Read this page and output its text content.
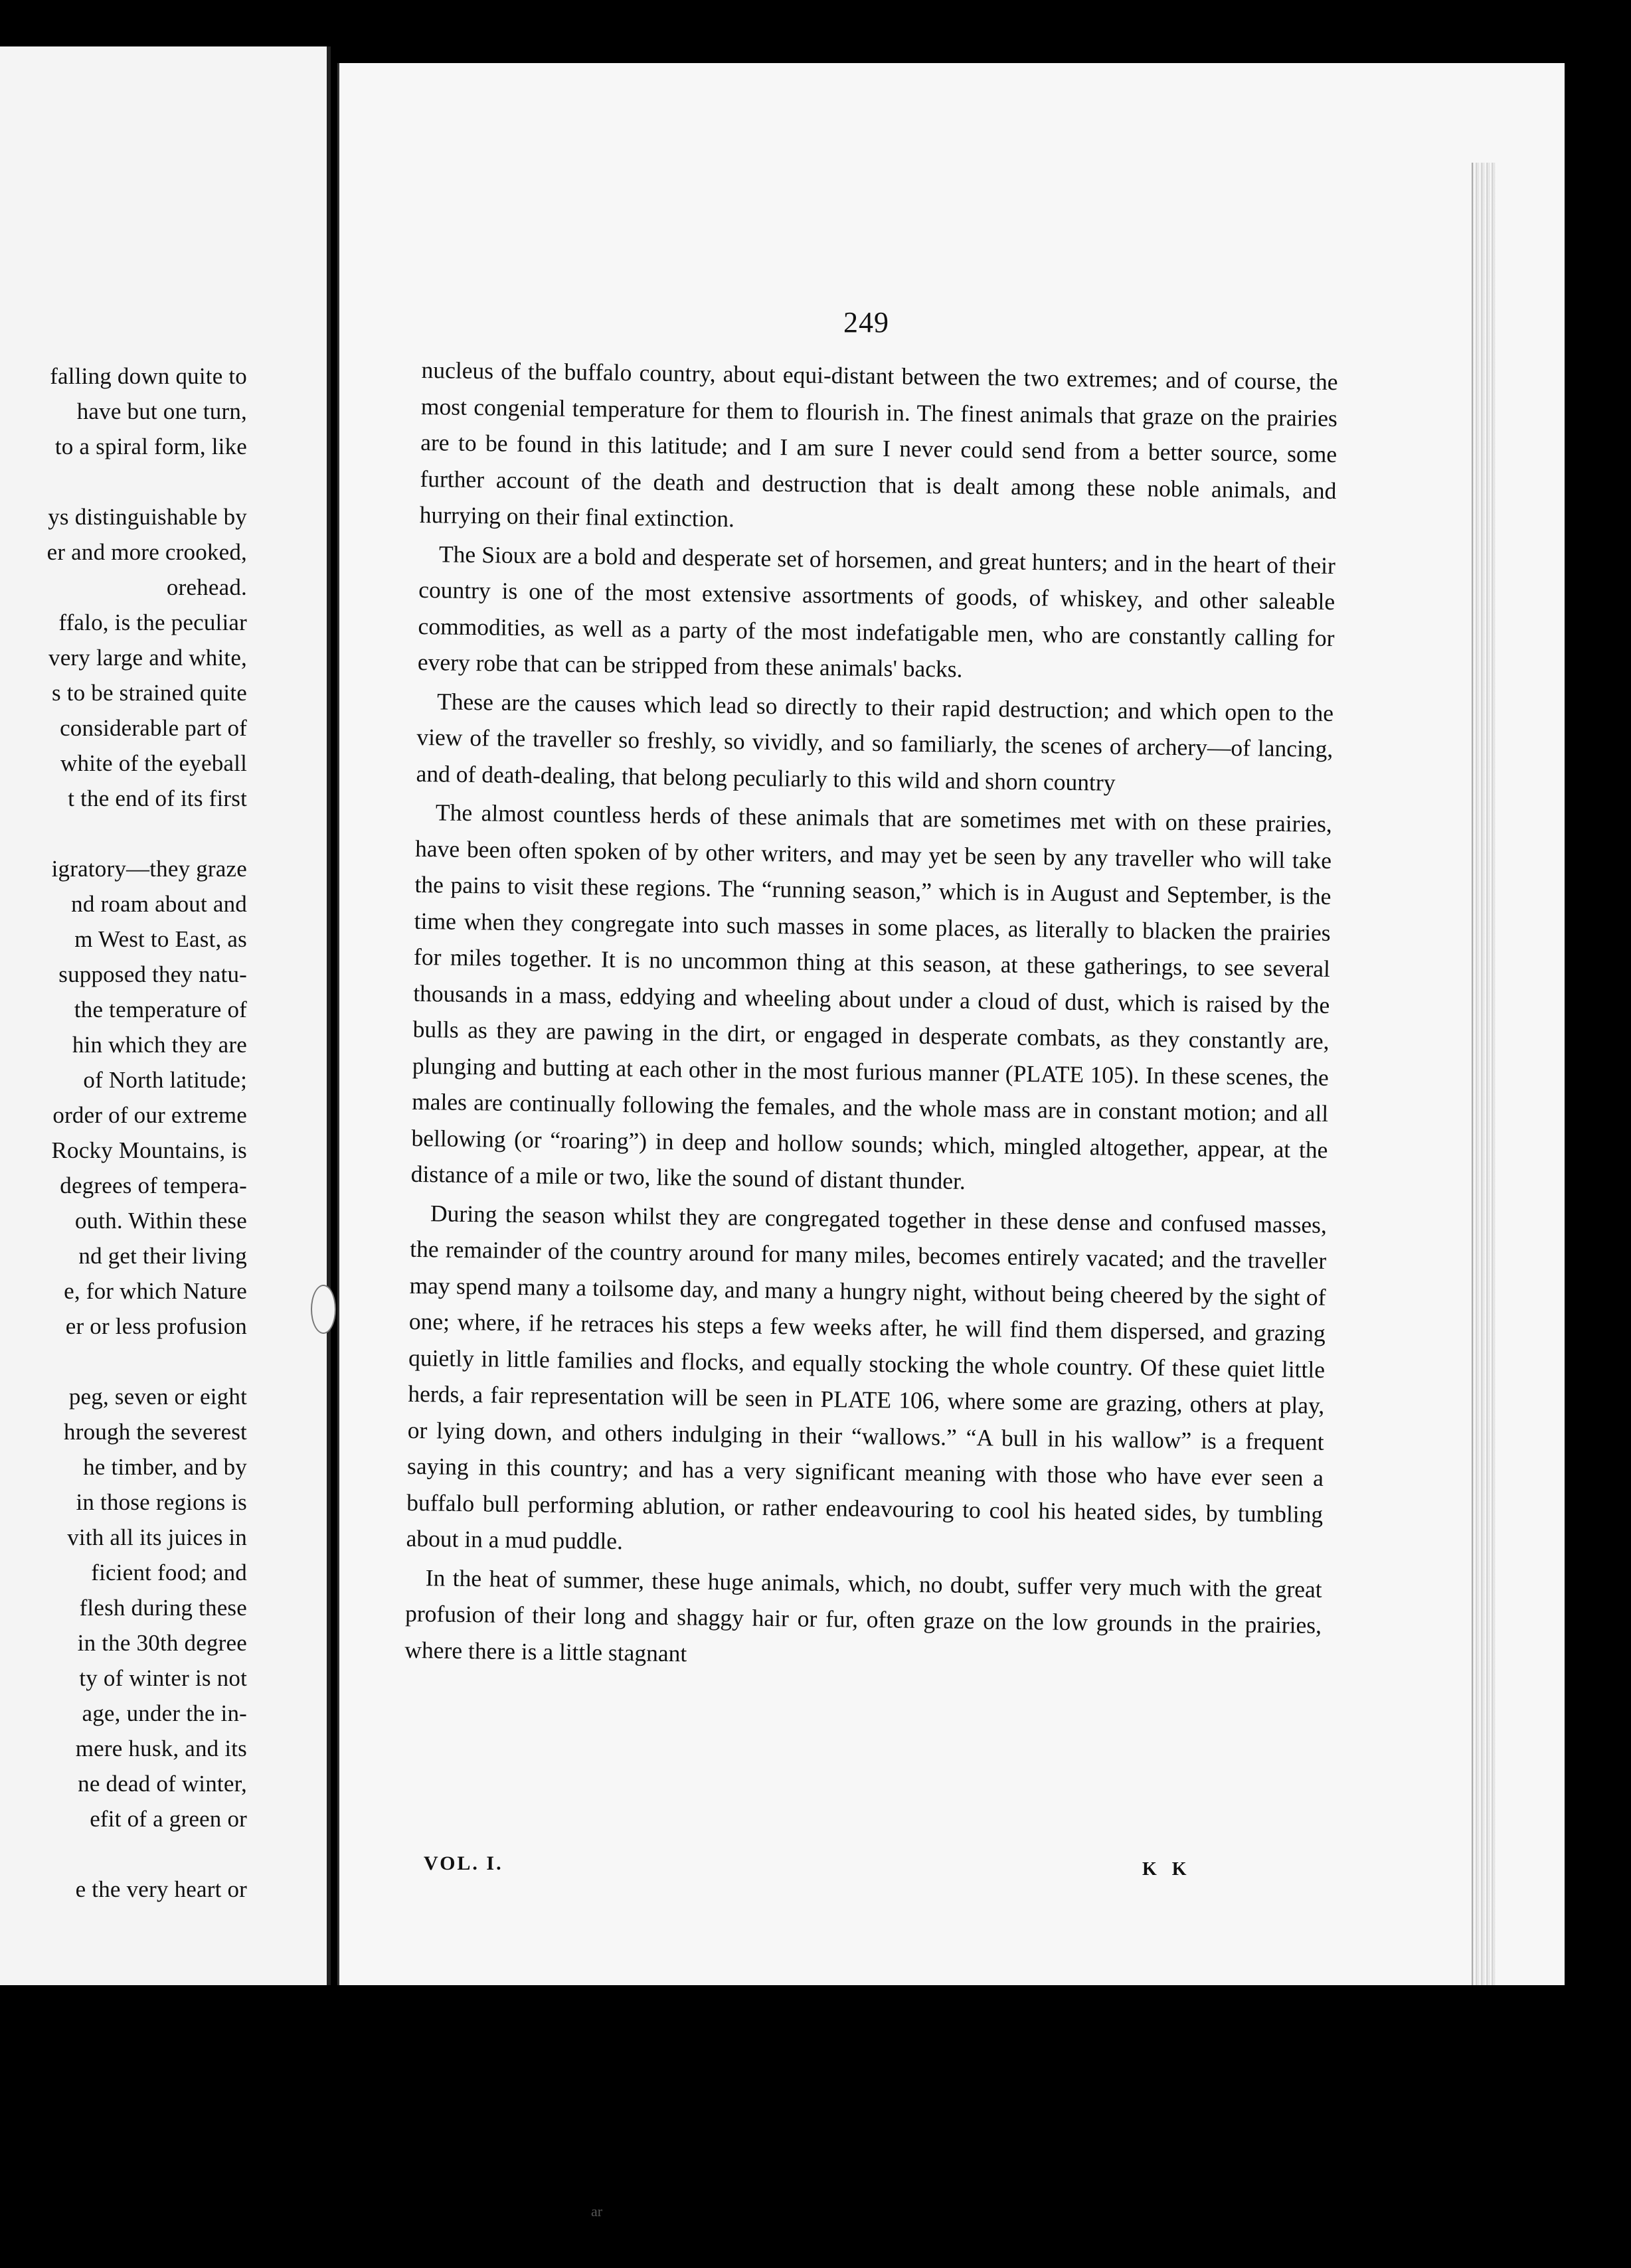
falling down quite to
have but one turn,
to a spiral form, like
ys distinguishable by
er and more crooked,
orehead.
ffalo, is the peculiar
very large and white,
s to be strained quite
considerable part of
white of the eyeball
t the end of its first
igratory—they graze
nd roam about and
m West to East, as
supposed they natu-
the temperature of
hin which they are
of North latitude;
order of our extreme
Rocky Mountains, is
degrees of tempera-
outh. Within these
nd get their living
e, for which Nature
er or less profusion
peg, seven or eight
hrough the severest
he timber, and by
in those regions is
vith all its juices in
ficient food; and
flesh during these
in the 30th degree
ty of winter is not
age, under the in-
mere husk, and its
ne dead of winter,
efit of a green or
e the very heart or
249

nucleus of the buffalo country, about equi-distant between the two extremes; and of course, the most congenial temperature for them to flourish in. The finest animals that graze on the prairies are to be found in this latitude; and I am sure I never could send from a better source, some further account of the death and destruction that is dealt among these noble animals, and hurrying on their final extinction.

The Sioux are a bold and desperate set of horsemen, and great hunters; and in the heart of their country is one of the most extensive assortments of goods, of whiskey, and other saleable commodities, as well as a party of the most indefatigable men, who are constantly calling for every robe that can be stripped from these animals' backs.

These are the causes which lead so directly to their rapid destruction; and which open to the view of the traveller so freshly, so vividly, and so familiarly, the scenes of archery—of lancing, and of death-dealing, that belong peculiarly to this wild and shorn country

The almost countless herds of these animals that are sometimes met with on these prairies, have been often spoken of by other writers, and may yet be seen by any traveller who will take the pains to visit these regions. The “running season,” which is in August and September, is the time when they congregate into such masses in some places, as literally to blacken the prairies for miles together. It is no uncommon thing at this season, at these gatherings, to see several thousands in a mass, eddying and wheeling about under a cloud of dust, which is raised by the bulls as they are pawing in the dirt, or engaged in desperate combats, as they constantly are, plunging and butting at each other in the most furious manner (PLATE 105). In these scenes, the males are continually following the females, and the whole mass are in constant motion; and all bellowing (or “roaring”) in deep and hollow sounds; which, mingled altogether, appear, at the distance of a mile or two, like the sound of distant thunder.

During the season whilst they are congregated together in these dense and confused masses, the remainder of the country around for many miles, becomes entirely vacated; and the traveller may spend many a toilsome day, and many a hungry night, without being cheered by the sight of one; where, if he retraces his steps a few weeks after, he will find them dispersed, and grazing quietly in little families and flocks, and equally stocking the whole country. Of these quiet little herds, a fair representation will be seen in PLATE 106, where some are grazing, others at play, or lying down, and others indulging in their “wallows.” “A bull in his wallow” is a frequent saying in this country; and has a very significant meaning with those who have ever seen a buffalo bull performing ablution, or rather endeavouring to cool his heated sides, by tumbling about in a mud puddle.

In the heat of summer, these huge animals, which, no doubt, suffer very much with the great profusion of their long and shaggy hair or fur, often graze on the low grounds in the prairies, where there is a little stagnant

VOL. I.	K K
ar
